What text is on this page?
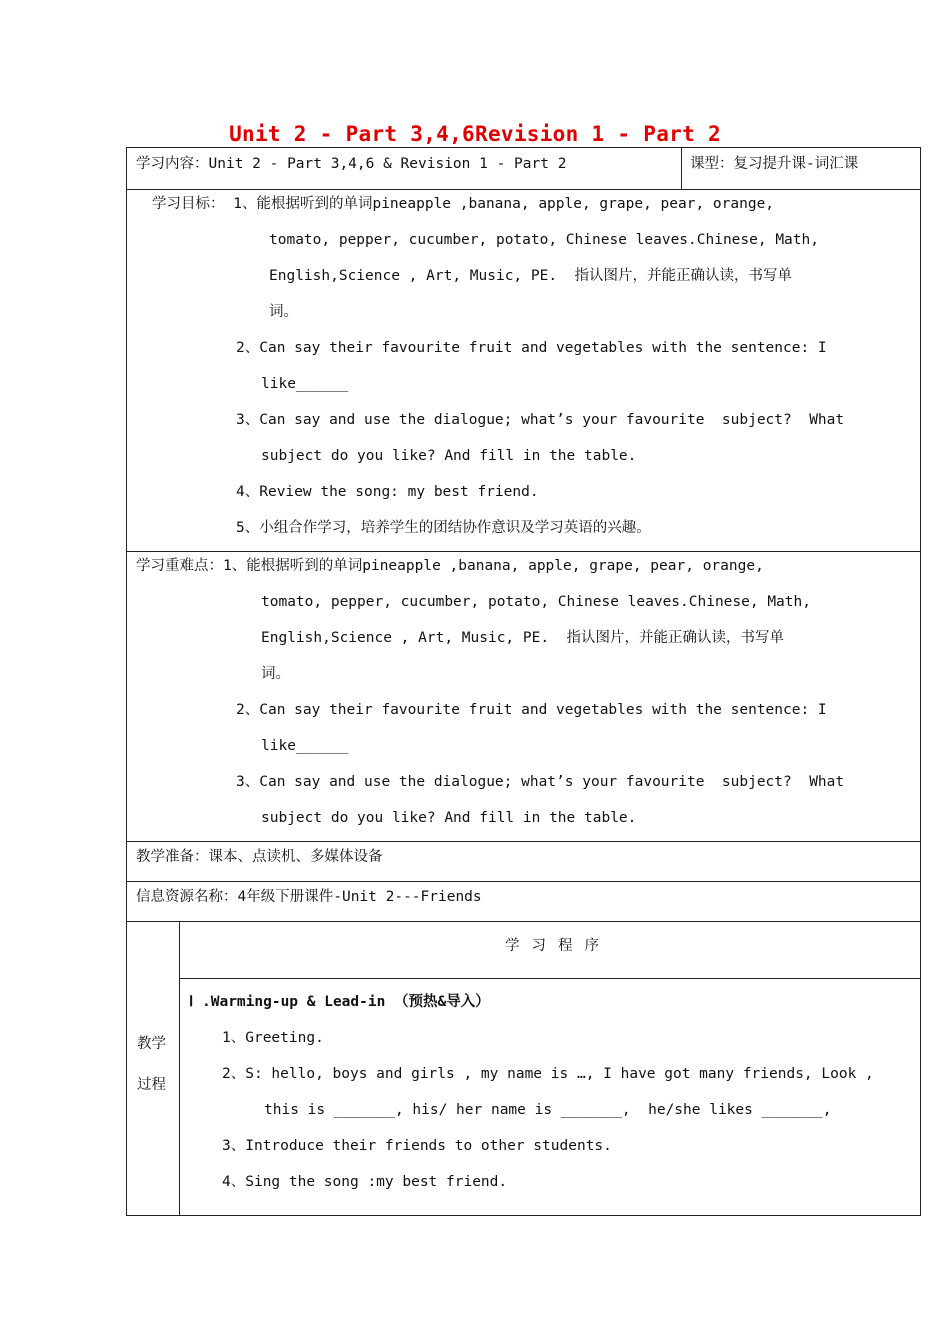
Unit 2 - Part 3,4,6Revision 1 - Part 2
学习内容：Unit 2 - Part 3,4,6 & Revision 1 - Part 2	课型：复习提升课-词汇课
学习目标： 1、能根据听到的单词pineapple ,banana, apple, grape, pear, orange,
tomato, pepper, cucumber, potato, Chinese leaves.Chinese, Math,
English,Science , Art, Music, PE.  指认图片，并能正确认读，书写单
词。
2、Can say their favourite fruit and vegetables with the sentence: I
like______
3、Can say and use the dialogue; what’s your favourite  subject?  What
subject do you like? And fill in the table.
4、Review the song: my best friend.
5、小组合作学习，培养学生的团结协作意识及学习英语的兴趣。
学习重难点：1、能根据听到的单词pineapple ,banana, apple, grape, pear, orange,
tomato, pepper, cucumber, potato, Chinese leaves.Chinese, Math,
English,Science , Art, Music, PE.  指认图片，并能正确认读，书写单
词。
2、Can say their favourite fruit and vegetables with the sentence: I
like______
3、Can say and use the dialogue; what’s your favourite  subject?  What
subject do you like? And fill in the table.
教学准备：课本、点读机、多媒体设备
信息资源名称：4年级下册课件-Unit 2---Friends
教学
过程
学习程序
Ⅰ .Warming-up & Lead-in （预热&导入）
1、Greeting.
2、S: hello, boys and girls , my name is …, I have got many friends, Look ,
this is _______, his/ her name is _______,  he/she likes _______,
3、Introduce their friends to other students.
4、Sing the song :my best friend.
